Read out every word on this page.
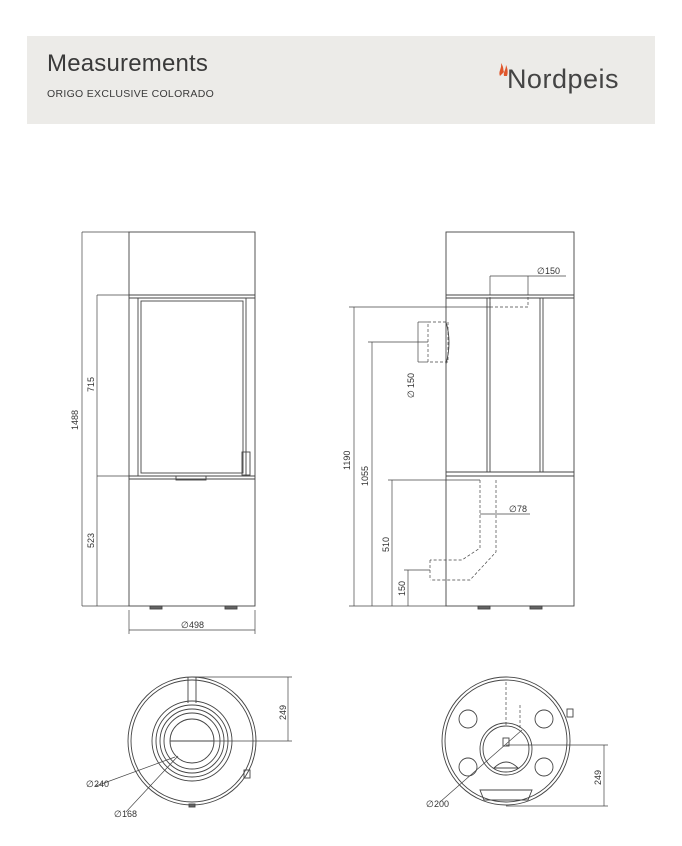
Measurements
ORIGO EXCLUSIVE COLORADO	Nordpeis
1488
715
523
∅ 498
∅ 150
∅
150
1190
1055
510
150
∅ 78
249
∅ 240
∅ 168
249
∅ 200
